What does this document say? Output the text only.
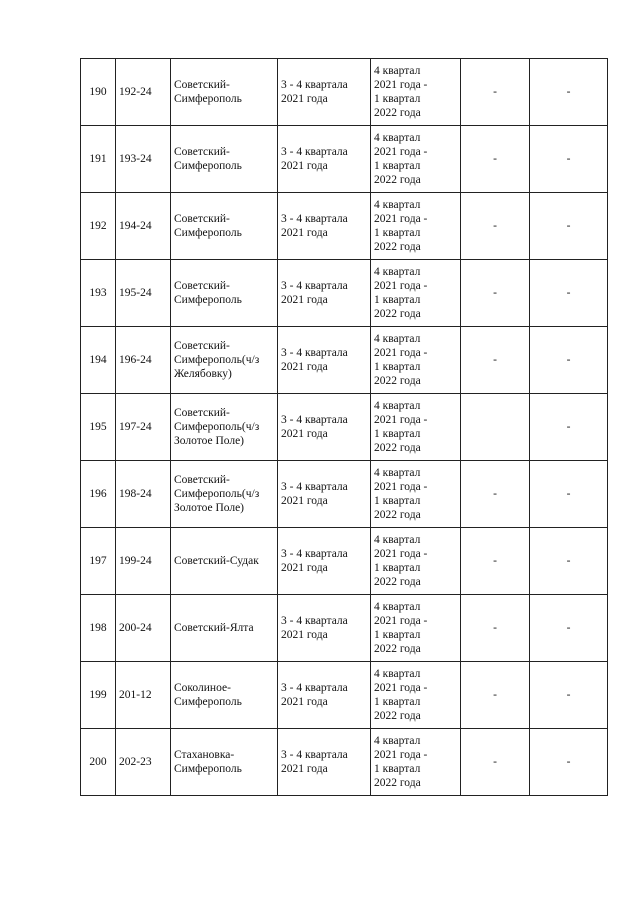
190	192-24	Советский-
Симферополь	3 - 4 квартала
2021 года	4 квартал
2021 года -
1 квартал
2022 года	-	-
191	193-24	Советский-
Симферополь	3 - 4 квартала
2021 года	4 квартал
2021 года -
1 квартал
2022 года	-	-
192	194-24	Советский-
Симферополь	3 - 4 квартала
2021 года	4 квартал
2021 года -
1 квартал
2022 года	-	-
193	195-24	Советский-
Симферополь	3 - 4 квартала
2021 года	4 квартал
2021 года -
1 квартал
2022 года	-	-
194	196-24	Советский-
Симферополь(ч/з
Желябовку)	3 - 4 квартала
2021 года	4 квартал
2021 года -
1 квартал
2022 года	-	-
195	197-24	Советский-
Симферополь(ч/з
Золотое Поле)	3 - 4 квартала
2021 года	4 квартал
2021 года -
1 квартал
2022 года		-
196	198-24	Советский-
Симферополь(ч/з
Золотое Поле)	3 - 4 квартала
2021 года	4 квартал
2021 года -
1 квартал
2022 года	-	-
197	199-24	Советский-Судак	3 - 4 квартала
2021 года	4 квартал
2021 года -
1 квартал
2022 года	-	-
198	200-24	Советский-Ялта	3 - 4 квартала
2021 года	4 квартал
2021 года -
1 квартал
2022 года	-	-
199	201-12	Соколиное-
Симферополь	3 - 4 квартала
2021 года	4 квартал
2021 года -
1 квартал
2022 года	-	-
200	202-23	Стахановка-
Симферополь	3 - 4 квартала
2021 года	4 квартал
2021 года -
1 квартал
2022 года	-	-
